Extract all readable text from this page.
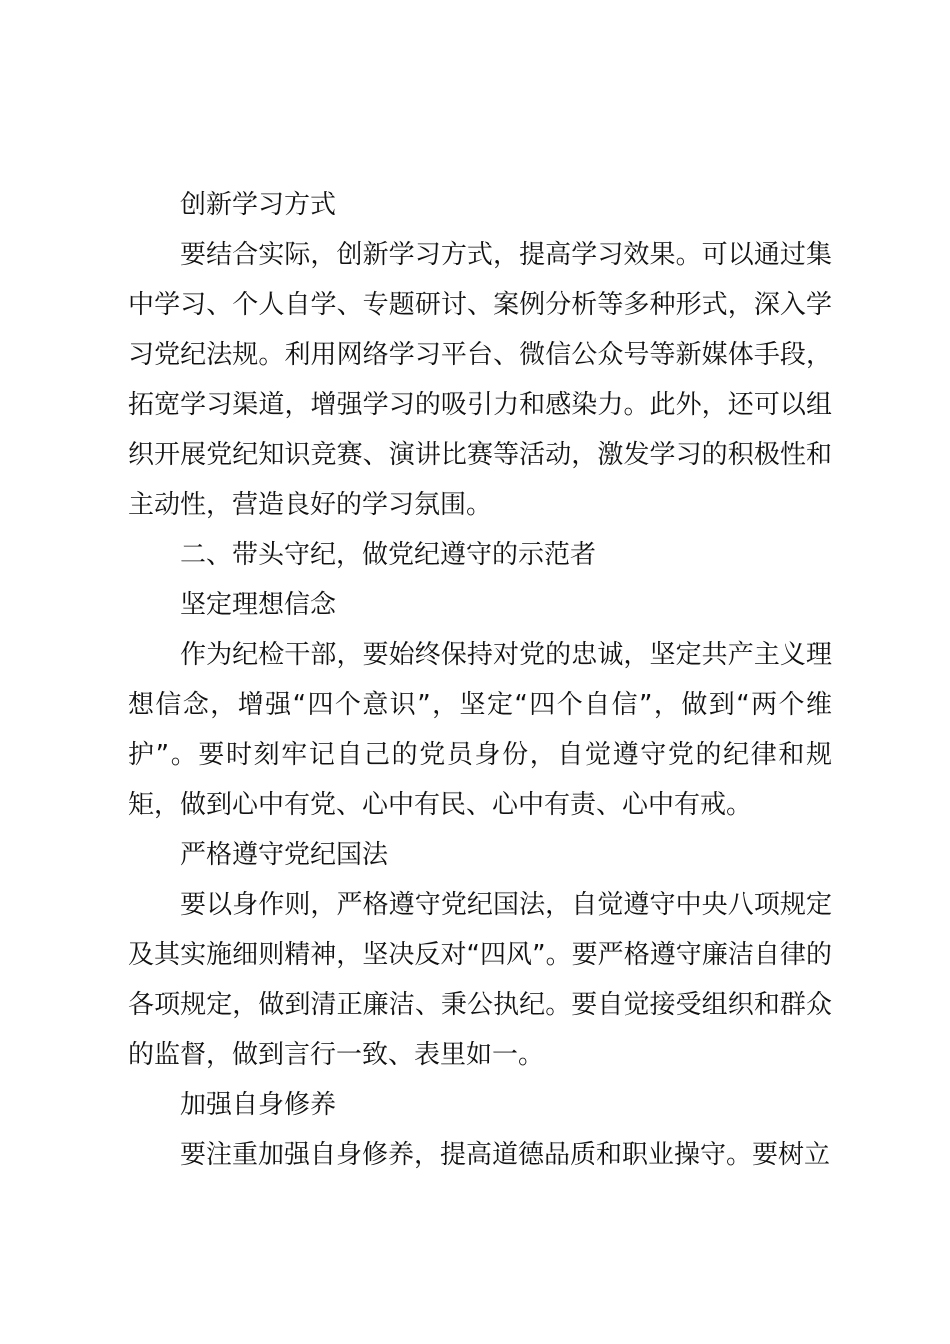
创新学习方式

要结合实际，创新学习方式，提高学习效果。可以通过集中学习、个人自学、专题研讨、案例分析等多种形式，深入学习党纪法规。利用网络学习平台、微信公众号等新媒体手段，拓宽学习渠道，增强学习的吸引力和感染力。此外，还可以组织开展党纪知识竞赛、演讲比赛等活动，激发学习的积极性和主动性，营造良好的学习氛围。

二、带头守纪，做党纪遵守的示范者

坚定理想信念

作为纪检干部，要始终保持对党的忠诚，坚定共产主义理想信念，增强“四个意识”，坚定“四个自信”，做到“两个维护”。要时刻牢记自己的党员身份，自觉遵守党的纪律和规矩，做到心中有党、心中有民、心中有责、心中有戒。

严格遵守党纪国法

要以身作则，严格遵守党纪国法，自觉遵守中央八项规定及其实施细则精神，坚决反对“四风”。要严格遵守廉洁自律的各项规定，做到清正廉洁、秉公执纪。要自觉接受组织和群众的监督，做到言行一致、表里如一。

加强自身修养

要注重加强自身修养，提高道德品质和职业操守。要树立
